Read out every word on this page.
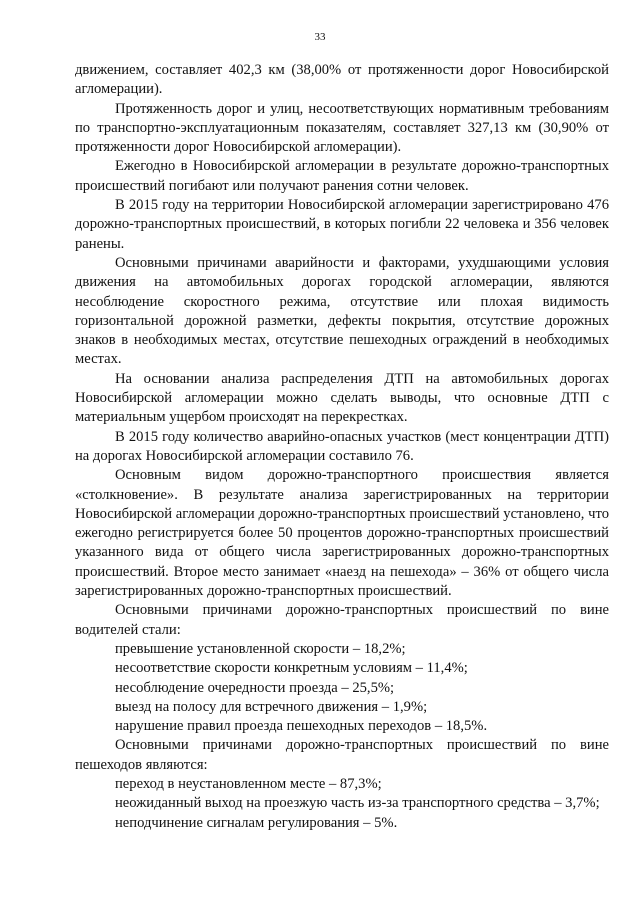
33

движением, составляет 402,3 км (38,00% от протяженности дорог Новосибирской агломерации).

Протяженность дорог и улиц, несоответствующих нормативным требованиям по транспортно-эксплуатационным показателям, составляет 327,13 км (30,90% от протяженности дорог Новосибирской агломерации).

Ежегодно в Новосибирской агломерации в результате дорожно-транспортных происшествий погибают или получают ранения сотни человек.

В 2015 году на территории Новосибирской агломерации зарегистрировано 476 дорожно-транспортных происшествий, в которых погибли 22 человека и 356 человек ранены.

Основными причинами аварийности и факторами, ухудшающими условия движения на автомобильных дорогах городской агломерации, являются несоблюдение скоростного режима, отсутствие или плохая видимость горизонтальной дорожной разметки, дефекты покрытия, отсутствие дорожных знаков в необходимых местах, отсутствие пешеходных ограждений в необходимых местах.

На основании анализа распределения ДТП на автомобильных дорогах Новосибирской агломерации можно сделать выводы, что основные ДТП с материальным ущербом происходят на перекрестках.

В 2015 году количество аварийно-опасных участков (мест концентрации ДТП) на дорогах Новосибирской агломерации составило 76.

Основным видом дорожно-транспортного происшествия является «столкновение». В результате анализа зарегистрированных на территории Новосибирской агломерации дорожно-транспортных происшествий установлено, что ежегодно регистрируется более 50 процентов дорожно-транспортных происшествий указанного вида от общего числа зарегистрированных дорожно-транспортных происшествий. Второе место занимает «наезд на пешехода» – 36% от общего числа зарегистрированных дорожно-транспортных происшествий.

Основными причинами дорожно-транспортных происшествий по вине водителей стали:

превышение установленной скорости – 18,2%;

несоответствие скорости конкретным условиям – 11,4%;

несоблюдение очередности проезда – 25,5%;

выезд на полосу для встречного движения – 1,9%;

нарушение правил проезда пешеходных переходов – 18,5%.

Основными причинами дорожно-транспортных происшествий по вине пешеходов являются:

переход в неустановленном месте – 87,3%;

неожиданный выход на проезжую часть из-за транспортного средства – 3,7%;

неподчинение сигналам регулирования – 5%.
